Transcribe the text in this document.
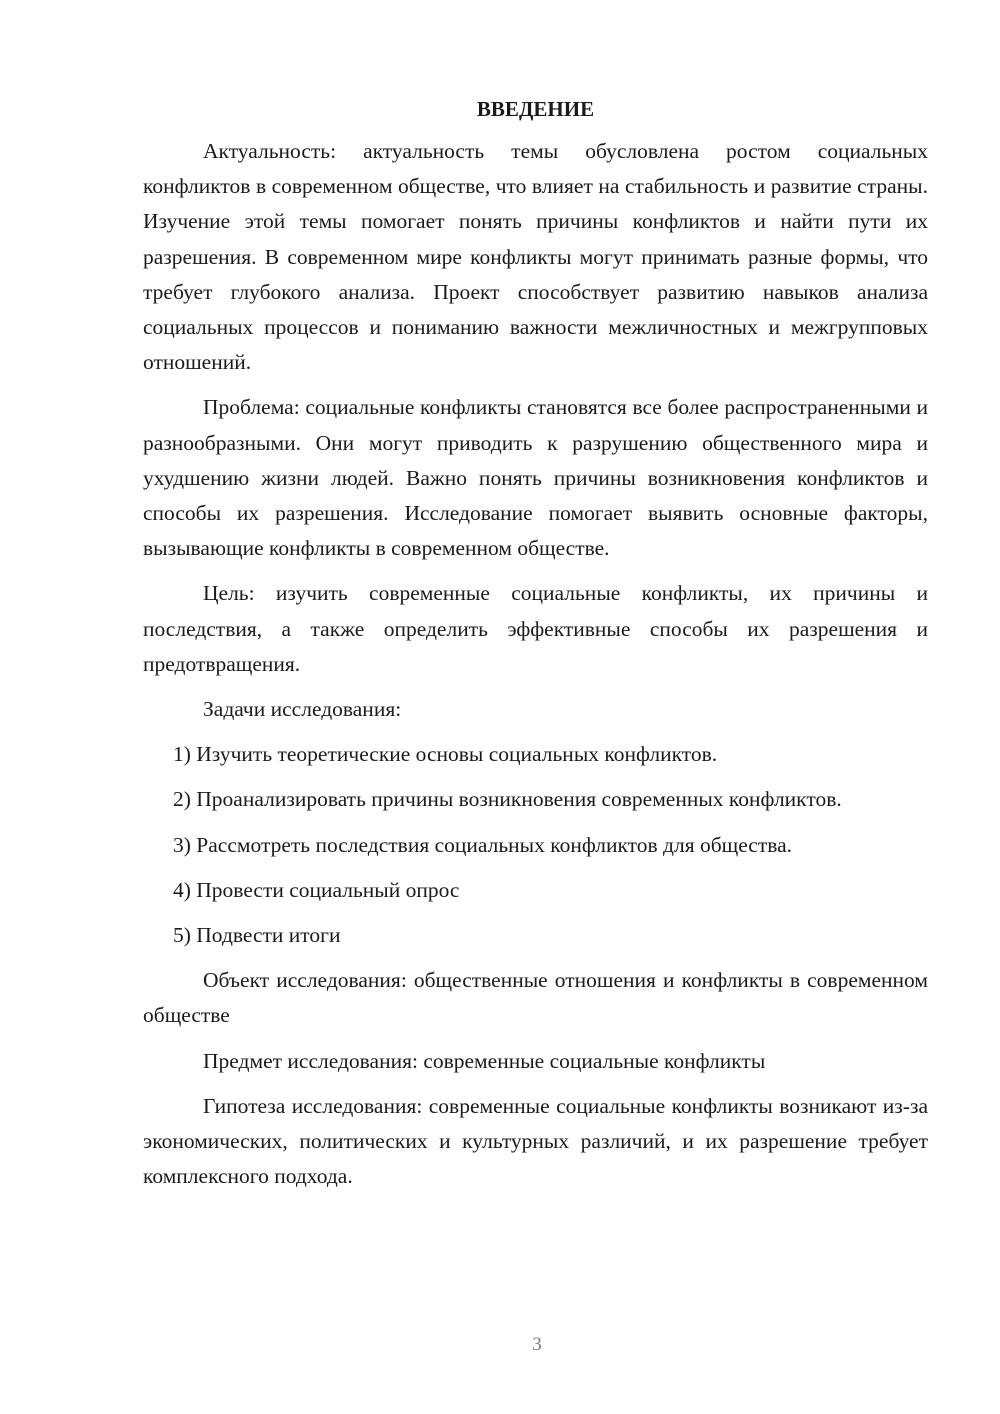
ВВЕДЕНИЕ

Актуальность: актуальность темы обусловлена ростом социальных конфликтов в современном обществе, что влияет на стабильность и развитие страны. Изучение этой темы помогает понять причины конфликтов и найти пути их разрешения. В современном мире конфликты могут принимать разные формы, что требует глубокого анализа. Проект способствует развитию навыков анализа социальных процессов и пониманию важности межличностных и межгрупповых отношений.

Проблема: социальные конфликты становятся все более распространенными и разнообразными. Они могут приводить к разрушению общественного мира и ухудшению жизни людей. Важно понять причины возникновения конфликтов и способы их разрешения. Исследование помогает выявить основные факторы, вызывающие конфликты в современном обществе.

Цель: изучить современные социальные конфликты, их причины и последствия, а также определить эффективные способы их разрешения и предотвращения.

Задачи исследования:

1) Изучить теоретические основы социальных конфликтов.

2) Проанализировать причины возникновения современных конфликтов.

3) Рассмотреть последствия социальных конфликтов для общества.

4) Провести социальный опрос

5) Подвести итоги

Объект исследования: общественные отношения и конфликты в современном обществе

Предмет исследования: современные социальные конфликты

Гипотеза исследования: современные социальные конфликты возникают из-за экономических, политических и культурных различий, и их разрешение требует комплексного подхода.

3
